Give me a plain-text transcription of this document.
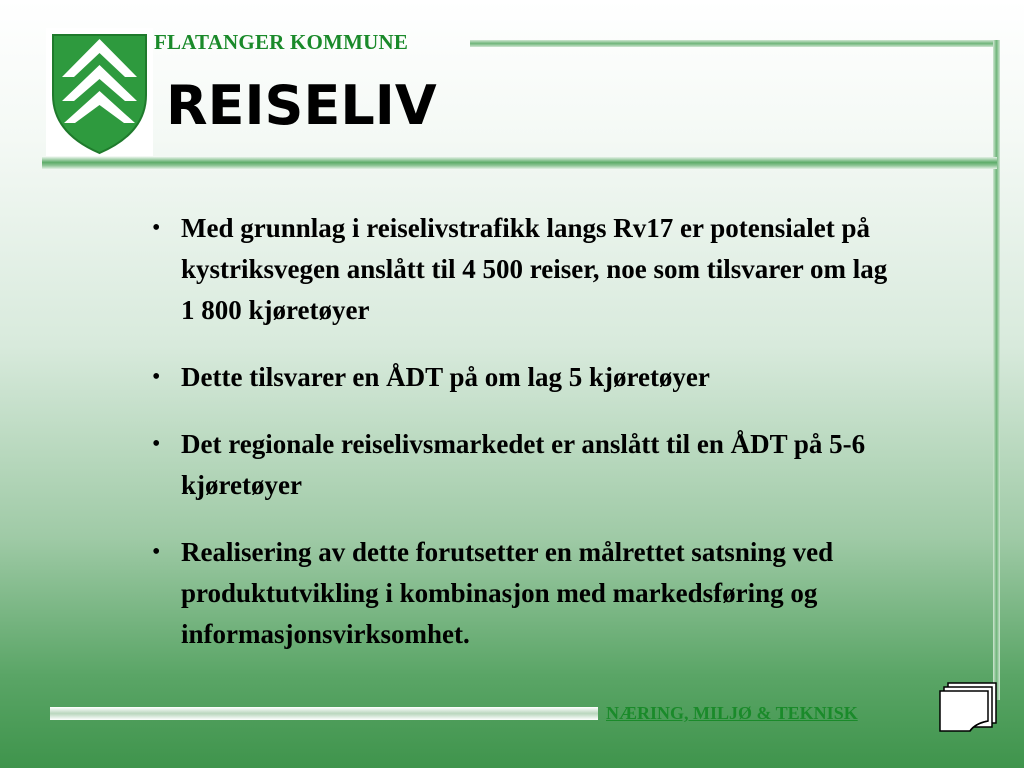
FLATANGER KOMMUNE
REISELIV
• Med grunnlag i reiselivstrafikk langs Rv17 er potensialet på kystriksvegen anslått til 4 500 reiser, noe som tilsvarer om lag 1 800 kjøretøyer
• Dette tilsvarer en ÅDT på om lag 5 kjøretøyer
• Det regionale reiselivsmarkedet er anslått til en ÅDT på 5-6 kjøretøyer
• Realisering av dette forutsetter en målrettet satsning ved produktutvikling i kombinasjon med markedsføring og informasjonsvirksomhet.
NÆRING, MILJØ & TEKNISK
